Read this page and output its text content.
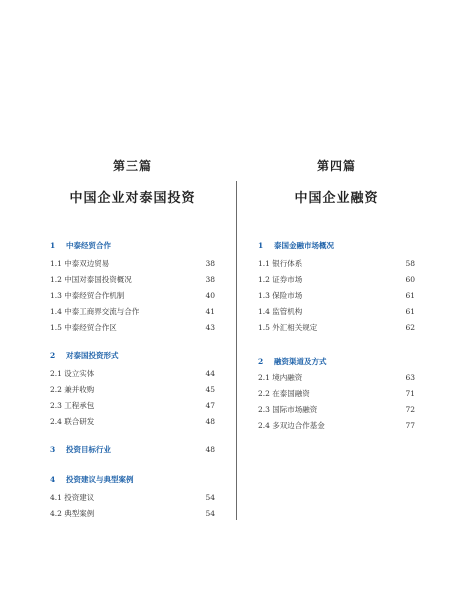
第三篇
中国企业对泰国投资
1 中泰经贸合作
1.1 中泰双边贸易	38
1.2 中国对泰国投资概况	38
1.3 中泰经贸合作机制	40
1.4 中泰工商界交流与合作	41
1.5 中泰经贸合作区	43
2 对泰国投资形式
2.1 设立实体	44
2.2 兼并收购	45
2.3 工程承包	47
2.4 联合研发	48
3 投资目标行业	48
4 投资建议与典型案例
4.1 投资建议	54
4.2 典型案例	54
第四篇
中国企业融资
1 泰国金融市场概况
1.1 银行体系	58
1.2 证券市场	60
1.3 保险市场	61
1.4 监管机构	61
1.5 外汇相关规定	62
2 融资渠道及方式
2.1 境内融资	63
2.2 在泰国融资	71
2.3 国际市场融资	72
2.4 多双边合作基金	77
